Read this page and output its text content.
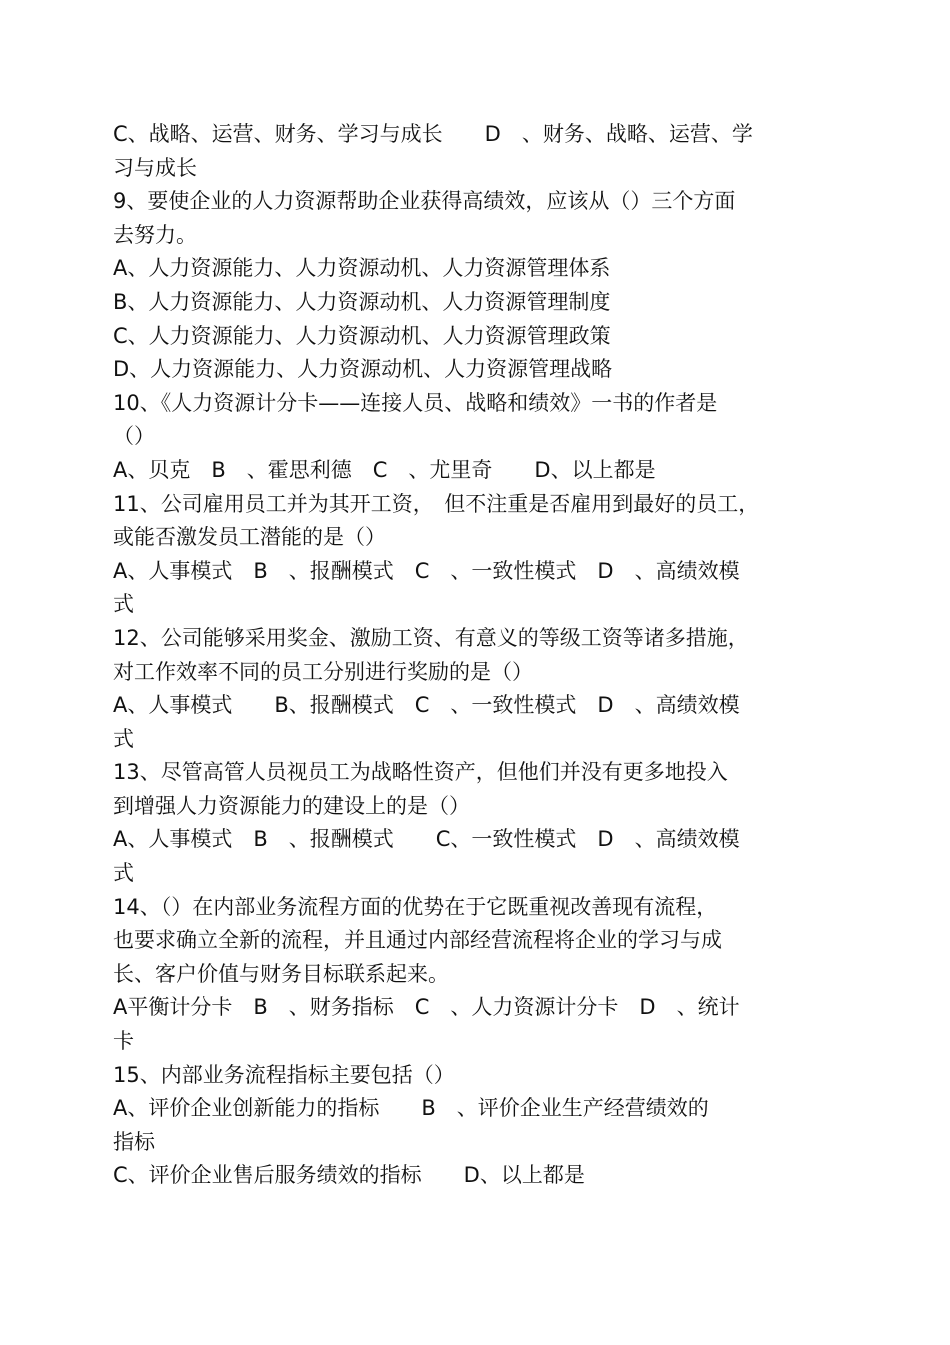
C、战略、运营、财务、学习与成长　　D　、财务、战略、运营、学
习与成长
9、要使企业的人力资源帮助企业获得高绩效，应该从（）三个方面
去努力。
A、人力资源能力、人力资源动机、人力资源管理体系
B、人力资源能力、人力资源动机、人力资源管理制度
C、人力资源能力、人力资源动机、人力资源管理政策
D、人力资源能力、人力资源动机、人力资源管理战略
10、《人力资源计分卡——连接人员、战略和绩效》一书的作者是
（）
A、贝克　B　、霍思利德　C　、尤里奇　　D、以上都是
11、公司雇用员工并为其开工资，　但不注重是否雇用到最好的员工，
或能否激发员工潜能的是（）
A、人事模式　B　、报酬模式　C　、一致性模式　D　、高绩效模
式
12、公司能够采用奖金、激励工资、有意义的等级工资等诸多措施，
对工作效率不同的员工分别进行奖励的是（）
A、人事模式　　B、报酬模式　C　、一致性模式　D　、高绩效模
式
13、尽管高管人员视员工为战略性资产，但他们并没有更多地投入
到增强人力资源能力的建设上的是（）
A、人事模式　B　、报酬模式　　C、一致性模式　D　、高绩效模
式
14、（）在内部业务流程方面的优势在于它既重视改善现有流程，
也要求确立全新的流程，并且通过内部经营流程将企业的学习与成
长、客户价值与财务目标联系起来。
A平衡计分卡　B　、财务指标　C　、人力资源计分卡　D　、统计
卡
15、内部业务流程指标主要包括（）
A、评价企业创新能力的指标　　B　、评价企业生产经营绩效的
指标
C、评价企业售后服务绩效的指标　　D、以上都是
